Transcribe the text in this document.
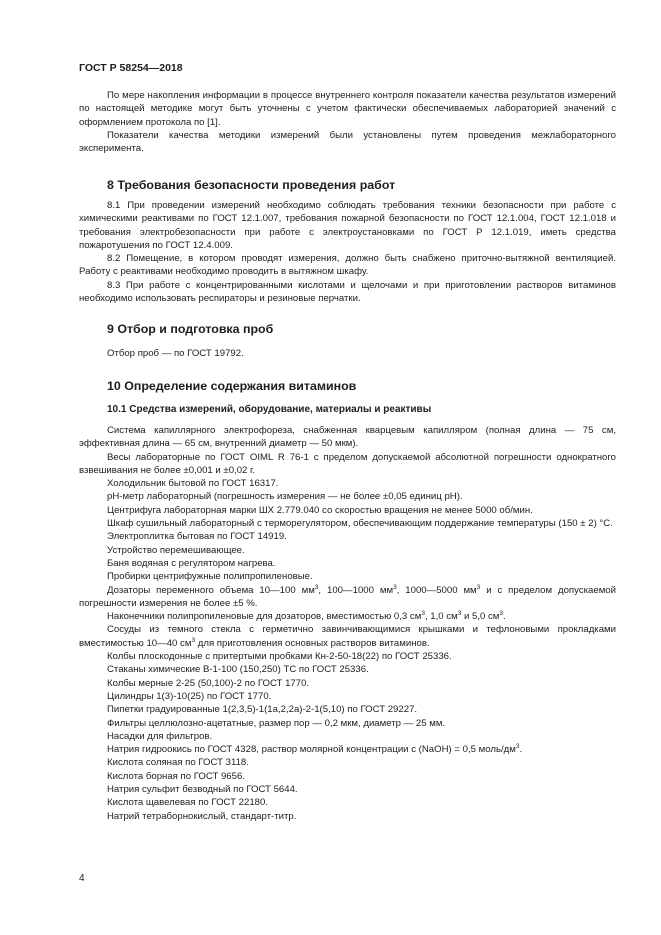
ГОСТ Р 58254—2018

По мере накопления информации в процессе внутреннего контроля показатели качества результатов измерений по настоящей методике могут быть уточнены с учетом фактически обеспечиваемых лабораторией значений с оформлением протокола по [1].

Показатели качества методики измерений были установлены путем проведения межлабораторного эксперимента.

8 Требования безопасности проведения работ

8.1 При проведении измерений необходимо соблюдать требования техники безопасности при работе с химическими реактивами по ГОСТ 12.1.007, требования пожарной безопасности по ГОСТ 12.1.004, ГОСТ 12.1.018 и требования электробезопасности при работе с электроустановками по ГОСТ Р 12.1.019, иметь средства пожаротушения по ГОСТ 12.4.009.

8.2 Помещение, в котором проводят измерения, должно быть снабжено приточно-вытяжной вентиляцией. Работу с реактивами необходимо проводить в вытяжном шкафу.

8.3 При работе с концентрированными кислотами и щелочами и при приготовлении растворов витаминов необходимо использовать респираторы и резиновые перчатки.

9 Отбор и подготовка проб

Отбор проб — по ГОСТ 19792.

10 Определение содержания витаминов
10.1 Средства измерений, оборудование, материалы и реактивы

Система капиллярного электрофореза, снабженная кварцевым капилляром (полная длина — 75 см, эффективная длина — 65 см, внутренний диаметр — 50 мкм).

Весы лабораторные по ГОСТ OIML R 76-1 с пределом допускаемой абсолютной погрешности однократного взвешивания не более ±0,001 и ±0,02 г.

Холодильник бытовой по ГОСТ 16317.

рН-метр лабораторный (погрешность измерения — не более ±0,05 единиц рН).

Центрифуга лабораторная марки ШХ 2.779.040 со скоростью вращения не менее 5000 об/мин.

Шкаф сушильный лабораторный с терморегулятором, обеспечивающим поддержание температуры (150 ± 2) °С.

Электроплитка бытовая по ГОСТ 14919.

Устройство перемешивающее.

Баня водяная с регулятором нагрева.

Пробирки центрифужные полипропиленовые.

Дозаторы переменного объема 10—100 $мм^3$, 100—1000 $мм^3$, 1000—5000 $мм^3$ и с пределом допускаемой погрешности измерения не более ±5 %.

Наконечники полипропиленовые для дозаторов, вместимостью 0,3 $см^3$, 1,0 $см^3$ и 5,0 $см^3$.

Сосуды из темного стекла с герметично завинчивающимися крышками и тефлоновыми прокладками вместимостью 10—40 $см^3$ для приготовления основных растворов витаминов.

Колбы плоскодонные с притертыми пробками Кн-2-50-18(22) по ГОСТ 25336.

Стаканы химические В-1-100 (150,250) ТС по ГОСТ 25336.

Колбы мерные 2-25 (50,100)-2 по ГОСТ 1770.

Цилиндры 1(3)-10(25) по ГОСТ 1770.

Пипетки градуированные 1(2,3,5)-1(1а,2,2а)-2-1(5,10) по ГОСТ 29227.

Фильтры целлюлозно-ацетатные, размер пор — 0,2 мкм, диаметр — 25 мм.

Насадки для фильтров.

Натрия гидроокись по ГОСТ 4328, раствор молярной концентрации с (NaOH) = 0,5 моль/$дм^3$.

Кислота соляная по ГОСТ 3118.

Кислота борная по ГОСТ 9656.

Натрия сульфит безводный по ГОСТ 5644.

Кислота щавелевая по ГОСТ 22180.

Натрий тетраборнокислый, стандарт-титр.

4
